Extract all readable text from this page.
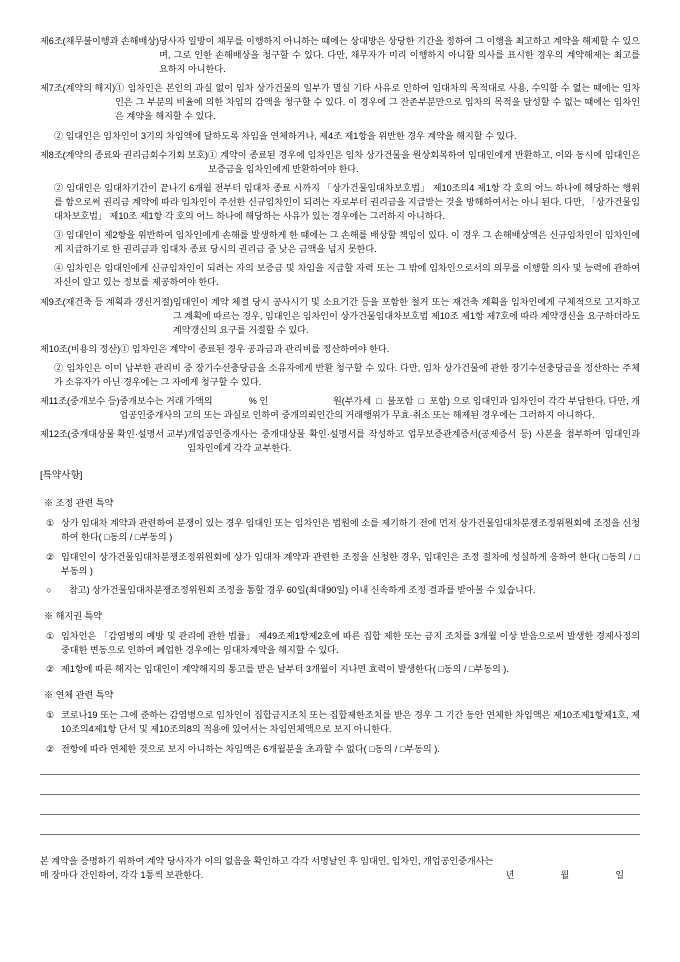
제6조(채무불이행과 손해배상) 당사자 일방이 채무를 이행하지 아니하는 때에는 상대방은 상당한 기간을 정하여 그 이행을 최고하고 계약을 해제할 수 있으며, 그로 인한 손해배상을 청구할 수 있다. 다만, 채무자가 미리 이행하지 아니할 의사를 표시한 경우의 계약해제는 최고를 요하지 아니한다.
제7조(계약의 해지) ① 임차인은 본인의 과실 없이 임차 상가건물의 일부가 멸실 기타 사유로 인하여 임대차의 목적대로 사용, 수익할 수 없는 때에는 임차인은 그 부분의 비율에 의한 차임의 감액을 청구할 수 있다. 이 경우에 그 잔존부분만으로 임차의 목적을 달성할 수 없는 때에는 임차인은 계약을 해지할 수 있다.
② 임대인은 임차인이 3기의 차임액에 달하도록 차임을 연체하거나, 제4조 제1항을 위반한 경우 계약을 해지할 수 있다.
제8조(계약의 종료와 권리금회수기회 보호) ① 계약이 종료된 경우에 임차인은 임차 상가건물을 원상회복하여 임대인에게 반환하고, 이와 동시에 임대인은 보증금을 임차인에게 반환하여야 한다.
② 임대인은 임대차기간이 끝나기 6개월 전부터 임대차 종료 시까지 「상가건물임대차보호법」 제10조의4 제1항 각 호의 어느 하나에 해당하는 행위를 함으로써 권리금 계약에 따라 임차인이 주선한 신규임차인이 되려는 자로부터 권리금을 지급받는 것을 방해하여서는 아니 된다. 다만, 「상가건물임대차보호법」 제10조 제1항 각 호의 어느 하나에 해당하는 사유가 있는 경우에는 그러하지 아니하다.
③ 임대인이 제2항을 위반하여 임차인에게 손해를 발생하게 한 때에는 그 손해를 배상할 책임이 있다. 이 경우 그 손해배상액은 신규임차인이 임차인에게 지급하기로 한 권리금과 임대차 종료 당시의 권리금 중 낮은 금액을 넘지 못한다.
④ 임차인은 임대인에게 신규임차인이 되려는 자의 보증금 및 차임을 지급할 자력 또는 그 밖에 임차인으로서의 의무를 이행할 의사 및 능력에 관하여 자신이 알고 있는 정보를 제공하여야 한다.
제9조(재건축 등 계획과 갱신거절) 임대인이 계약 체결 당시 공사시기 및 소요기간 등을 포함한 철거 또는 재건축 계획을 임차인에게 구체적으로 고지하고 그 계획에 따르는 경우, 임대인은 임차인이 상가건물임대차보호법 제10조 제1항 제7호에 따라 계약갱신을 요구하더라도 계약갱신의 요구를 거절할 수 있다.
제10조(비용의 정산) ① 임차인은 계약이 종료된 경우 공과금과 관리비를 정산하여야 한다.
② 임차인은 이미 납부한 관리비 중 장기수선충당금을 소유자에게 반환 청구할 수 있다. 다만, 임차 상가건물에 관한 장기수선충당금을 정산하는 주체가 소유자가 아닌 경우에는 그 자에게 청구할 수 있다.
제11조(중개보수 등) 중개보수는 거래 가액의	% 인	원(부가세  □  불포함  □  포함) 으로 임대인과 임차인이 각각 부담한다. 다만, 개업공인중개사의 고의 또는 과실로 인하여 중개의뢰인간의 거래행위가 무효·취소 또는 해제된 경우에는 그러하지 아니하다.
제12조(중개대상물 확인·설명서 교부) 개업공인중개사는 중개대상물 확인·설명서를 작성하고 업무보증관계증서(공제증서 등) 사본을 첨부하여 임대인과 임차인에게 각각 교부한다.
[특약사항]
※ 조정 관련 특약
① 상가 임대차 계약과 관련하여 분쟁이 있는 경우 임대인 또는 임차인은 법원에 소를 제기하기 전에 먼저 상가건물임대차분쟁조정위원회에 조정을 신청하여 한다( □동의 / □부동의 )
② 임대인이 상가건물임대차분쟁조정위원회에 상가 임대차 계약과 관련한 조정을 신청한 경우, 임대인은 조정 절차에 성실하게 응하여 한다( □동의 / □부동의 )
○	참고) 상가건물임대차분쟁조정위원회 조정을 통할 경우 60일(최대90일) 이내 신속하게 조정 결과를 받아볼 수 있습니다.
※ 해지권 특약
① 임차인은 「감염병의 예방 및 관리에 관한 법률」 제49조제1항제2호에 따른 집합 제한 또는 금지 조치를 3개월 이상 받음으로써 발생한 경제사정의 중대한 변동으로 인하여 폐업한 경우에는 임대차계약을 해지할 수 있다.
② 제1항에 따른 해지는 임대인이 계약해지의 통고를 받은 날부터 3개월이 지나면 효력이 발생한다( □동의 / □부동의 ).
※ 연체 관련 특약
① 코로나19 또는 그에 준하는 감염병으로 임차인이 집합금지조치 또는 집합제한조치를 받은 경우 그 기간 동안 연체한 차임액은 제10조제1항제1호, 제10조의4제1항 단서 및 제10조의8의 적용에 있어서는 차임연체액으로 보지 아니한다.
② 전항에 따라 연체한 것으로 보지 아니하는 차임액은 6개월분을 초과할 수 없다( □동의 / □부동의 ).
본 계약을 증명하기 위하여 계약 당사자가 이의 없음을 확인하고 각각 서명날인 후 임대인, 임차인, 개업공인중개사는
매 장마다 간인하여, 각각 1통씩 보관한다.	년	월	일
